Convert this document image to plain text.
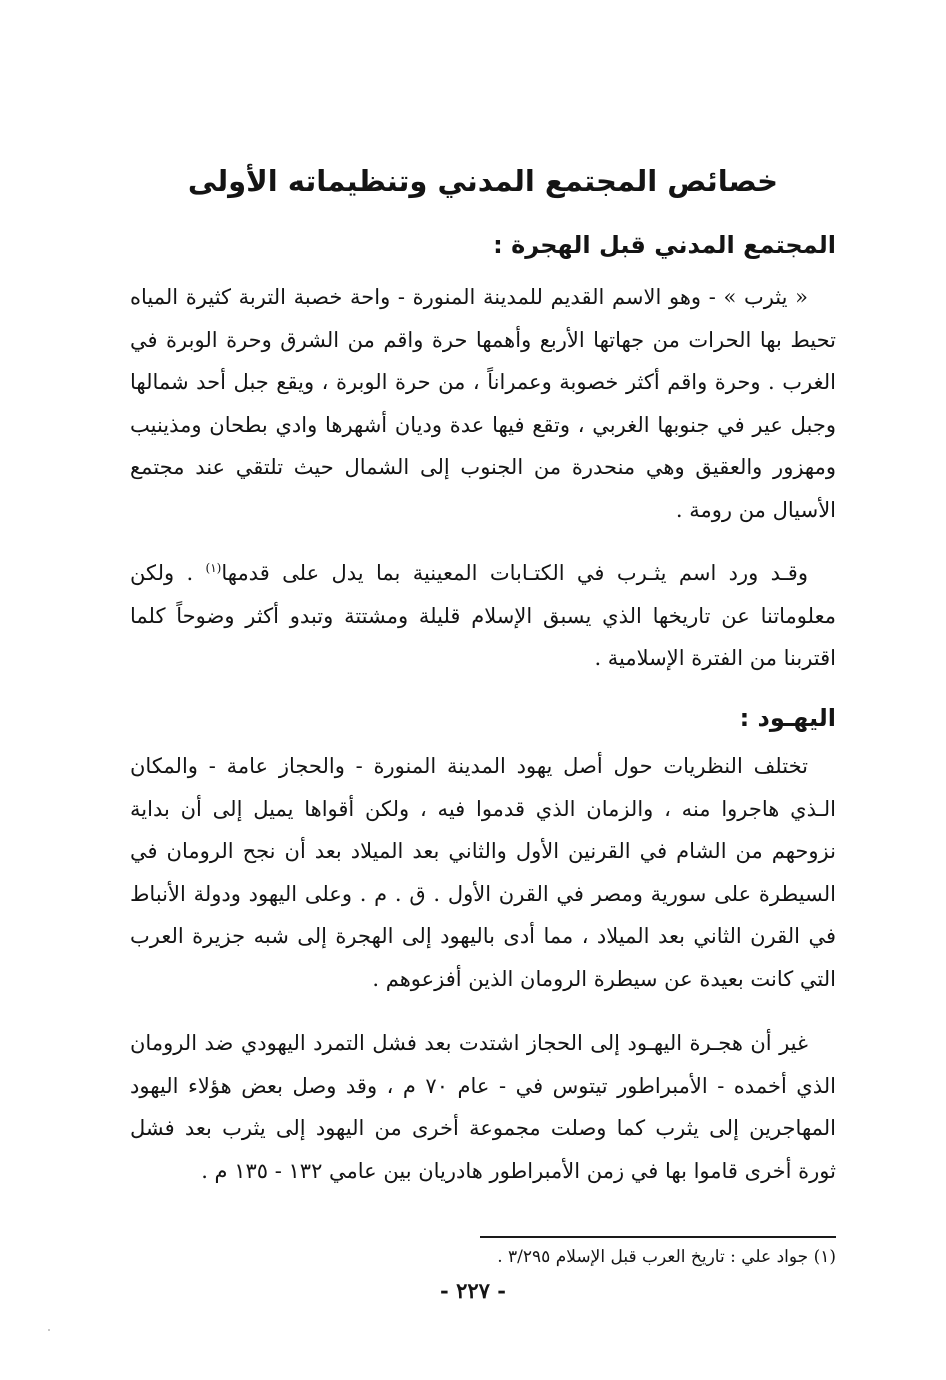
خصائص المجتمع المدني وتنظيماته الأولى
المجتمع المدني قبل الهجرة :

« يثرب » - وهو الاسم القديم للمدينة المنورة - واحة خصبة التربة كثيرة المياه تحيط بها الحرات من جهاتها الأربع وأهمها حرة واقم من الشرق وحرة الوبرة في الغرب . وحرة واقم أكثر خصوبة وعمراناً ، من حرة الوبرة ، ويقع جبل أحد شمالها وجبل عير في جنوبها الغربي ، وتقع فيها عدة وديان أشهرها وادي بطحان ومذينيب ومهزور والعقيق وهي منحدرة من الجنوب إلى الشمال حيث تلتقي عند مجتمع الأسيال من رومة .

وقـد ورد اسم يثـرب في الكتـابات المعينية بما يدل على قدمها$^{(١)}$ . ولكن معلوماتنا عن تاريخها الذي يسبق الإسلام قليلة ومشتتة وتبدو أكثر وضوحاً كلما اقتربنا من الفترة الإسلامية .

اليهـود :

تختلف النظريات حول أصل يهود المدينة المنورة - والحجاز عامة - والمكان الـذي هاجروا منه ، والزمان الذي قدموا فيه ، ولكن أقواها يميل إلى أن بداية نزوحهم من الشام في القرنين الأول والثاني بعد الميلاد بعد أن نجح الرومان في السيطرة على سورية ومصر في القرن الأول . ق . م . وعلى اليهود ودولة الأنباط في القرن الثاني بعد الميلاد ، مما أدى باليهود إلى الهجرة إلى شبه جزيرة العرب التي كانت بعيدة عن سيطرة الرومان الذين أفزعوهم .

غير أن هجـرة اليهـود إلى الحجاز اشتدت بعد فشل التمرد اليهودي ضد الرومان الذي أخمده - الأمبراطور تيتوس في - عام ٧٠ م ، وقد وصل بعض هؤلاء اليهود المهاجرين إلى يثرب كما وصلت مجموعة أخرى من اليهود إلى يثرب بعد فشل ثورة أخرى قاموا بها في زمن الأمبراطور هادريان بين عامي ١٣٢ - ١٣٥ م .

(١) جواد علي : تاريخ العرب قبل الإسلام ٣/٢٩٥ .

- ٢٢٧ -
